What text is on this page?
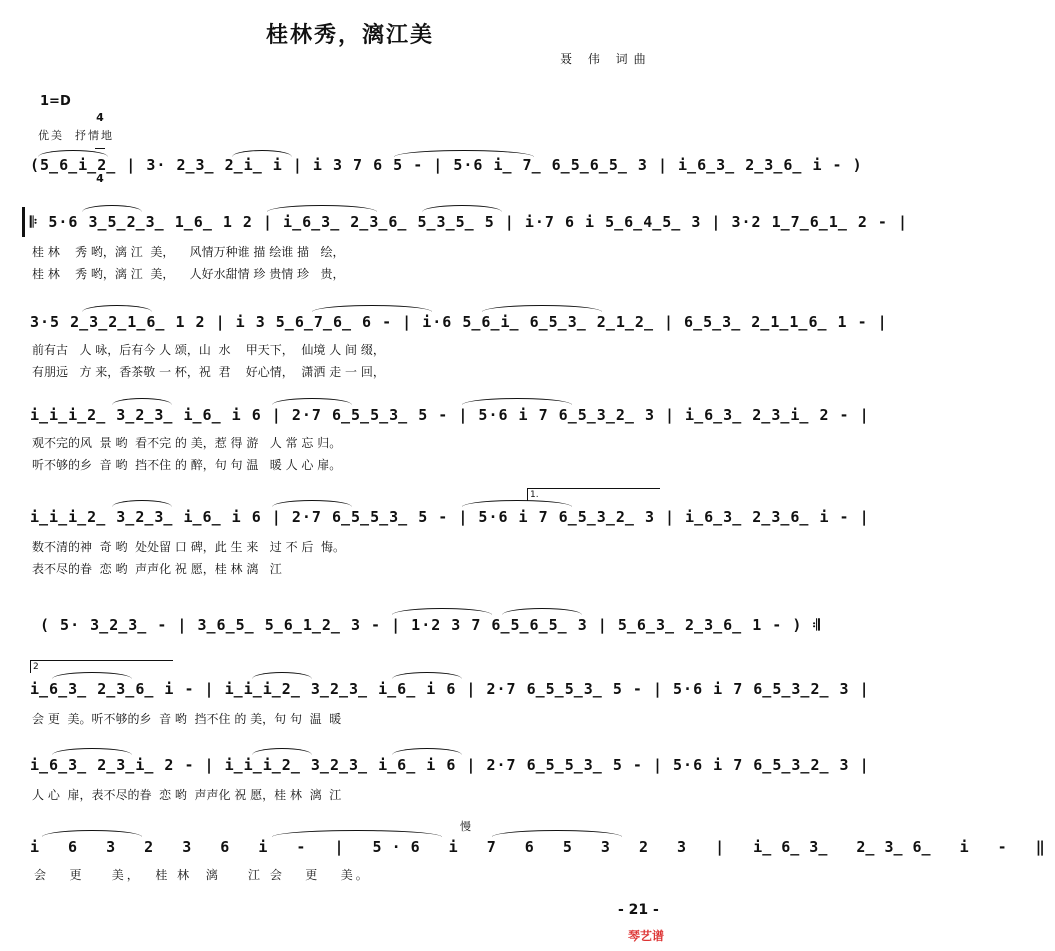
桂林秀，漓江美
聂 伟 词曲
1=D

4

4

优美  抒情地
(5̲6̲i̲2̲ | 3· 2̲3̲ 2̲i̲ i | i 3 7 6 5 - | 5·6 i̲ 7̲ 6̲5̲6̲5̲ 3 | i̲6̲3̲ 2̲3̲6̲ i - )
𝄆 5·6 3̲5̲2̲3̲ 1̲6̲ 1 2 | i̲6̲3̲ 2̲3̲6̲ 5̲3̲5̲ 5 | i·7 6 i 5̲6̲4̲5̲ 3 | 3·2 1̲7̲6̲1̲ 2 - |
桂 林    秀 哟，漓 江  美，    风情万种谁 描 绘谁 描   绘，
桂 林    秀 哟，漓 江  美，    人好水甜情 珍 贵情 珍   贵，
3·5 2̲3̲2̲1̲6̲ 1 2 | i 3 5̲6̲7̲6̲ 6 - | i·6 5̲6̲i̲ 6̲5̲3̲ 2̲1̲2̲ | 6̲5̲3̲ 2̲1̲1̲6̲ 1 - |
前有古   人 咏，后有今 人 颂，山  水    甲天下，  仙境 人 间 缀，
有朋远   方 来，香茶敬 一 杯，祝  君    好心情，  潇洒 走 一 回，
i̲i̲i̲2̲ 3̲2̲3̲ i̲6̲ i 6 | 2·7 6̲5̲5̲3̲ 5 - | 5·6 i 7 6̲5̲3̲2̲ 3 | i̲6̲3̲ 2̲3̲i̲ 2 - |
观不完的风  景 哟  看不完 的 美，惹 得 游   人 常 忘 归。
听不够的乡  音 哟  挡不住 的 醉，句 句 温   暖 人 心 扉。
1.
i̲i̲i̲2̲ 3̲2̲3̲ i̲6̲ i 6 | 2·7 6̲5̲5̲3̲ 5 - | 5·6 i 7 6̲5̲3̲2̲ 3 | i̲6̲3̲ 2̲3̲6̲ i - |
数不清的神  奇 哟  处处留 口 碑，此 生 来   过 不 后  悔。
表不尽的眷  恋 哟  声声化 祝 愿，桂 林 漓   江
( 5· 3̲2̲3̲ - | 3̲6̲5̲ 5̲6̲1̲2̲ 3 - | 1·2 3 7 6̲5̲6̲5̲ 3 | 5̲6̲3̲ 2̲3̲6̲ 1 - ) 𝄇
2
i̲6̲3̲ 2̲3̲6̲ i - | i̲i̲i̲2̲ 3̲2̲3̲ i̲6̲ i 6 | 2·7 6̲5̲5̲3̲ 5 - | 5·6 i 7 6̲5̲3̲2̲ 3 |
会 更  美。听不够的乡  音 哟  挡不住 的 美，句 句  温  暖
i̲6̲3̲ 2̲3̲i̲ 2 - | i̲i̲i̲2̲ 3̲2̲3̲ i̲6̲ i 6 | 2·7 6̲5̲5̲3̲ 5 - | 5·6 i 7 6̲5̲3̲2̲ 3 |
人 心  扉，表不尽的眷  恋 哟  声声化 祝 愿，桂 林  漓  江
慢
i 6 3 2 3 6 i - | 5·6 i 7 6 5 3 2 3 | i̲6̲3̲ 2̲3̲6̲ i - ‖
会   更    美，  桂 林  漓    江 会   更   美。
- 21 -
琴艺谱
